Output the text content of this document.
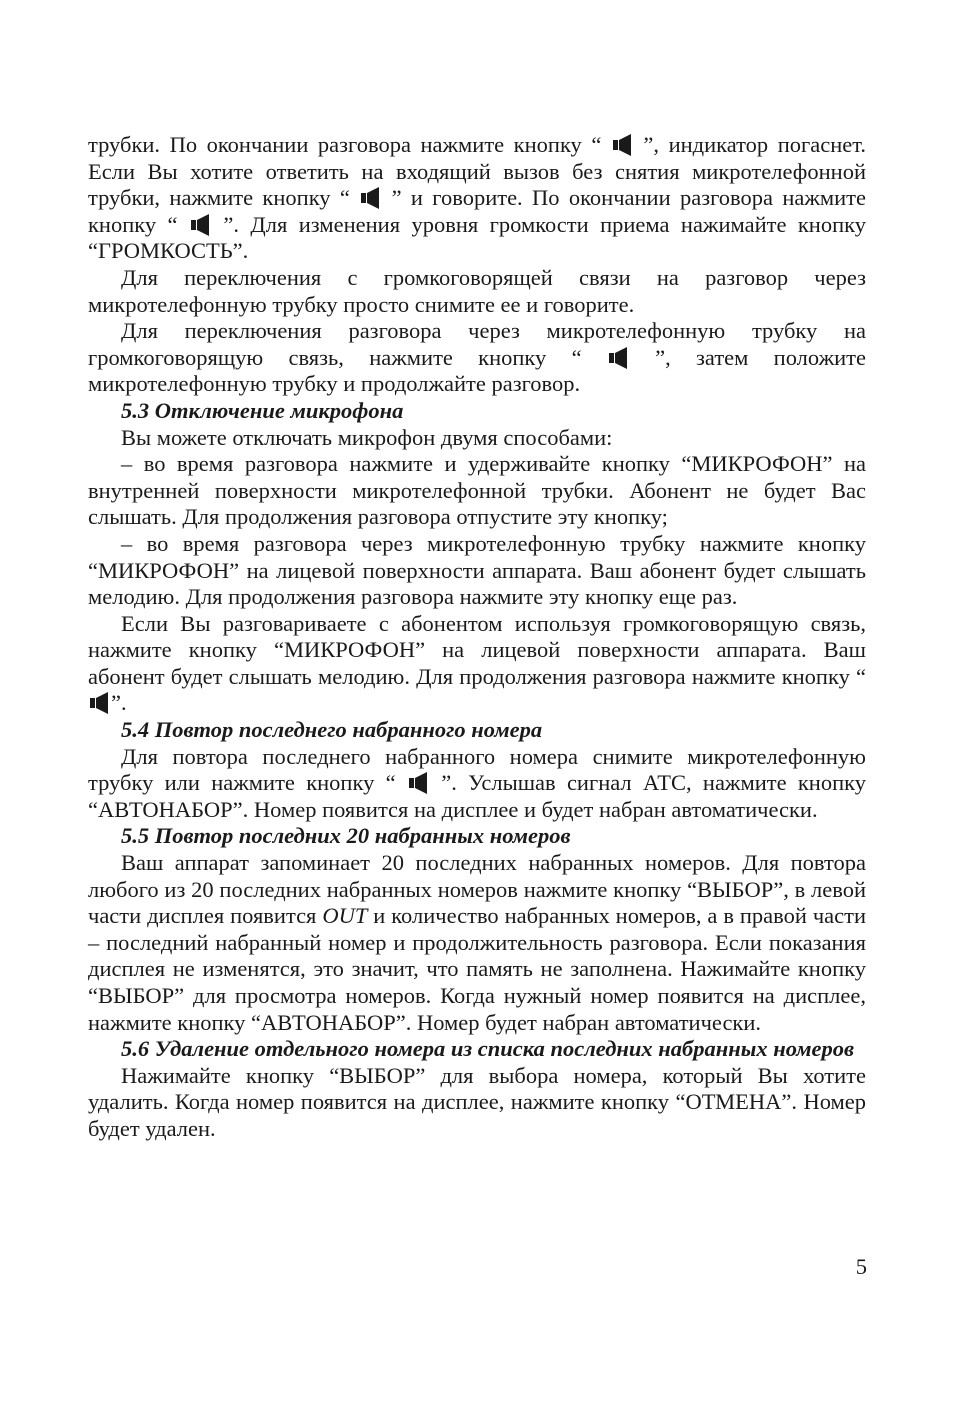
трубки. По окончании разговора нажмите кнопку “
”, индикатор погаснет. Если Вы хотите ответить на входящий вызов без снятия микротелефонной трубки, нажмите кнопку “
” и говорите. По окончании разговора нажмите кнопку “
”. Для изменения уровня громкости приема нажимайте кнопку “ГРОМКОСТЬ”.

Для переключения с громкоговорящей связи на разговор через микротелефонную трубку просто снимите ее и говорите.

Для переключения разговора через микротелефонную трубку на громкоговорящую связь, нажмите кнопку “
”, затем положите микротелефонную трубку и продолжайте разговор.

5.3 Отключение микрофона

Вы можете отключать микрофон двумя способами:

– во время разговора нажмите и удерживайте кнопку “МИКРОФОН” на внутренней поверхности микротелефонной трубки. Абонент не будет Вас слышать. Для продолжения разговора отпустите эту кнопку;

– во время разговора через микротелефонную трубку нажмите кнопку “МИКРОФОН” на лицевой поверхности аппарата. Ваш абонент будет слышать мелодию. Для продолжения разговора нажмите эту кнопку еще раз.

Если Вы разговариваете с абонентом используя громкоговорящую связь, нажмите кнопку “МИКРОФОН” на лицевой поверхности аппарата. Ваш абонент будет слышать мелодию. Для продолжения разговора нажмите кнопку “
”.

5.4 Повтор последнего набранного номера

Для повтора последнего набранного номера снимите микротелефонную трубку или нажмите кнопку “
”. Услышав сигнал АТС, нажмите кнопку “АВТОНАБОР”. Номер появится на дисплее и будет набран автоматически.

5.5 Повтор последних 20 набранных номеров

Ваш аппарат запоминает 20 последних набранных номеров. Для повтора любого из 20 последних набранных номеров нажмите кнопку “ВЫБОР”, в левой части дисплея появится OUT и количество набранных номеров, а в правой части – последний набранный номер и продолжительность разговора. Если показания дисплея не изменятся, это значит, что память не заполнена. Нажимайте кнопку “ВЫБОР” для просмотра номеров. Когда нужный номер появится на дисплее, нажмите кнопку “АВТОНАБОР”. Номер будет набран автоматически.

5.6 Удаление отдельного номера из списка последних набранных номеров

Нажимайте кнопку “ВЫБОР” для выбора номера, который Вы хотите удалить. Когда номер появится на дисплее, нажмите кнопку “ОТМЕНА”. Номер будет удален.

5
